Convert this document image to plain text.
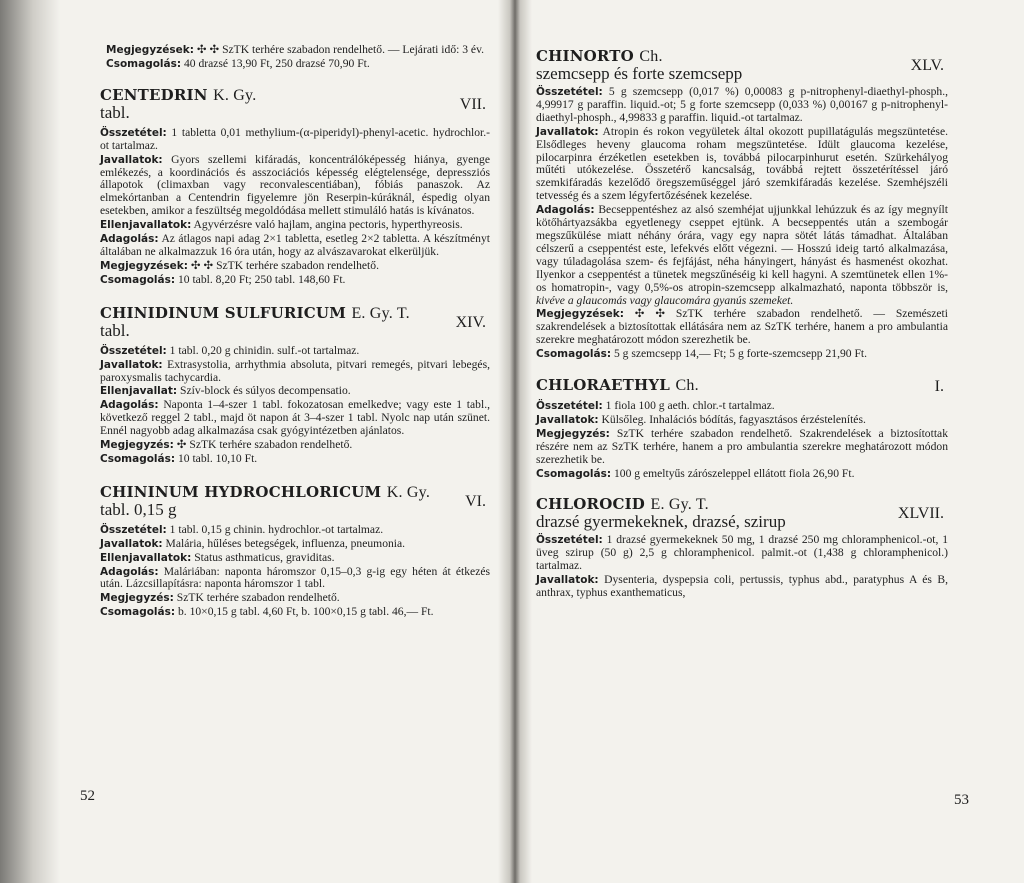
Megjegyzések: ✣ ✣ SzTK terhére szabadon rendelhető. — Lejárati idő: 3 év.

Csomagolás: 40 drazsé 13,90 Ft, 250 drazsé 70,90 Ft.

CENTEDRIN K. Gy.
tabl.	VII.

Összetétel: 1 tabletta 0,01 methylium-(α-piperidyl)-phenyl-acetic. hydrochlor.-ot tartalmaz.

Javallatok: Gyors szellemi kifáradás, koncentrálóképesség hiánya, gyenge emlékezés, a koordinációs és asszociációs képesség elégtelensége, depressziós állapotok (climaxban vagy reconvalescentiában), fóbiás panaszok. Az elmekórtanban a Centendrin figyelemre jön Reserpin-kúráknál, éspedig olyan esetekben, amikor a feszültség megoldódása mellett stimuláló hatás is kívánatos.

Ellenjavallatok: Agyvérzésre való hajlam, angina pectoris, hyperthyreosis.

Adagolás: Az átlagos napi adag 2×1 tabletta, esetleg 2×2 tabletta. A készítményt általában ne alkalmazzuk 16 óra után, hogy az alvászavarokat elkerüljük.

Megjegyzések: ✣ ✣ SzTK terhére szabadon rendelhető.

Csomagolás: 10 tabl. 8,20 Ft; 250 tabl. 148,60 Ft.

CHINIDINUM SULFURICUM E. Gy. T.
tabl.	XIV.

Összetétel: 1 tabl. 0,20 g chinidin. sulf.-ot tartalmaz.

Javallatok: Extrasystolia, arrhythmia absoluta, pitvari remegés, pitvari lebegés, paroxysmalis tachycardia.

Ellenjavallat: Szív-block és súlyos decompensatio.

Adagolás: Naponta 1–4-szer 1 tabl. fokozatosan emelkedve; vagy este 1 tabl., következő reggel 2 tabl., majd öt napon át 3–4-szer 1 tabl. Nyolc nap után szünet. Ennél nagyobb adag alkalmazása csak gyógyintézetben ajánlatos.

Megjegyzés: ✣ SzTK terhére szabadon rendelhető.

Csomagolás: 10 tabl. 10,10 Ft.

CHININUM HYDROCHLORICUM K. Gy.
tabl. 0,15 g	VI.

Összetétel: 1 tabl. 0,15 g chinin. hydrochlor.-ot tartalmaz.

Javallatok: Malária, hűléses betegségek, influenza, pneumonia.

Ellenjavallatok: Status asthmaticus, graviditas.

Adagolás: Maláriában: naponta háromszor 0,15–0,3 g-ig egy héten át étkezés után. Lázcsillapításra: naponta háromszor 1 tabl.

Megjegyzés: SzTK terhére szabadon rendelhető.

Csomagolás: b. 10×0,15 g tabl. 4,60 Ft, b. 100×0,15 g tabl. 46,— Ft.

52
CHINORTO Ch.
szemcsepp és forte szemcsepp	XLV.

Összetétel: 5 g szemcsepp (0,017 %) 0,00083 g p-nitrophenyl-diaethyl-phosph., 4,99917 g paraffin. liquid.-ot; 5 g forte szemcsepp (0,033 %) 0,00167 g p-nitrophenyl-diaethyl-phosph., 4,99833 g paraffin. liquid.-ot tartalmaz.

Javallatok: Atropin és rokon vegyületek által okozott pupillatágulás megszüntetése. Elsődleges heveny glaucoma roham megszüntetése. Idült glaucoma kezelése, pilocarpinra érzéketlen esetekben is, továbbá pilocarpinhurut esetén. Szürkehályog műtéti utókezelése. Összetérő kancsalság, továbbá rejtett összetérítéssel járó szemkifáradás kezelődő öregszeműséggel járó szemkifáradás kezelése. Szemhéjszéli tetvesség és a szem légyfertőzésének kezelése.

Adagolás: Becseppentéshez az alsó szemhéjat ujjunkkal lehúzzuk és az így megnyílt kötőhártyazsákba egyetlenegy cseppet ejtünk. A becseppentés után a szembogár megszűkülése miatt néhány órára, vagy egy napra sötét látás támadhat. Általában célszerű a cseppentést este, lefekvés előtt végezni. — Hosszú ideig tartó alkalmazása, vagy túladagolása szem- és fejfájást, néha hányingert, hányást és hasmenést okozhat. Ilyenkor a cseppentést a tünetek megszűnéséig ki kell hagyni. A szemtünetek ellen 1%-os homatropin-, vagy 0,5%-os atropin-szemcsepp alkalmazható, naponta többször is, kivéve a glaucomás vagy glaucomára gyanús szemeket.

Megjegyzések: ✣ ✣ SzTK terhére szabadon rendelhető. — Szemészeti szakrendelések a biztosítottak ellátására nem az SzTK terhére, hanem a pro ambulantia szerekre meghatározott módon szerezhetik be.

Csomagolás: 5 g szemcsepp 14,— Ft; 5 g forte-szemcsepp 21,90 Ft.

CHLORAETHYL Ch.	I.

Összetétel: 1 fiola 100 g aeth. chlor.-t tartalmaz.

Javallatok: Külsőleg. Inhalációs bódítás, fagyasztásos érzéstelenítés.

Megjegyzés: SzTK terhére szabadon rendelhető. Szakrendelések a biztosítottak részére nem az SzTK terhére, hanem a pro ambulantia szerekre meghatározott módon szerezhetik be.

Csomagolás: 100 g emeltyűs zárószeleppel ellátott fiola 26,90 Ft.

CHLOROCID E. Gy. T.
drazsé gyermekeknek, drazsé, szirup	XLVII.

Összetétel: 1 drazsé gyermekeknek 50 mg, 1 drazsé 250 mg chloramphenicol.-ot, 1 üveg szirup (50 g) 2,5 g chloramphenicol. palmit.-ot (1,438 g chloramphenicol.) tartalmaz.

Javallatok: Dysenteria, dyspepsia coli, pertussis, typhus abd., paratyphus A és B, anthrax, typhus exanthematicus,

53
